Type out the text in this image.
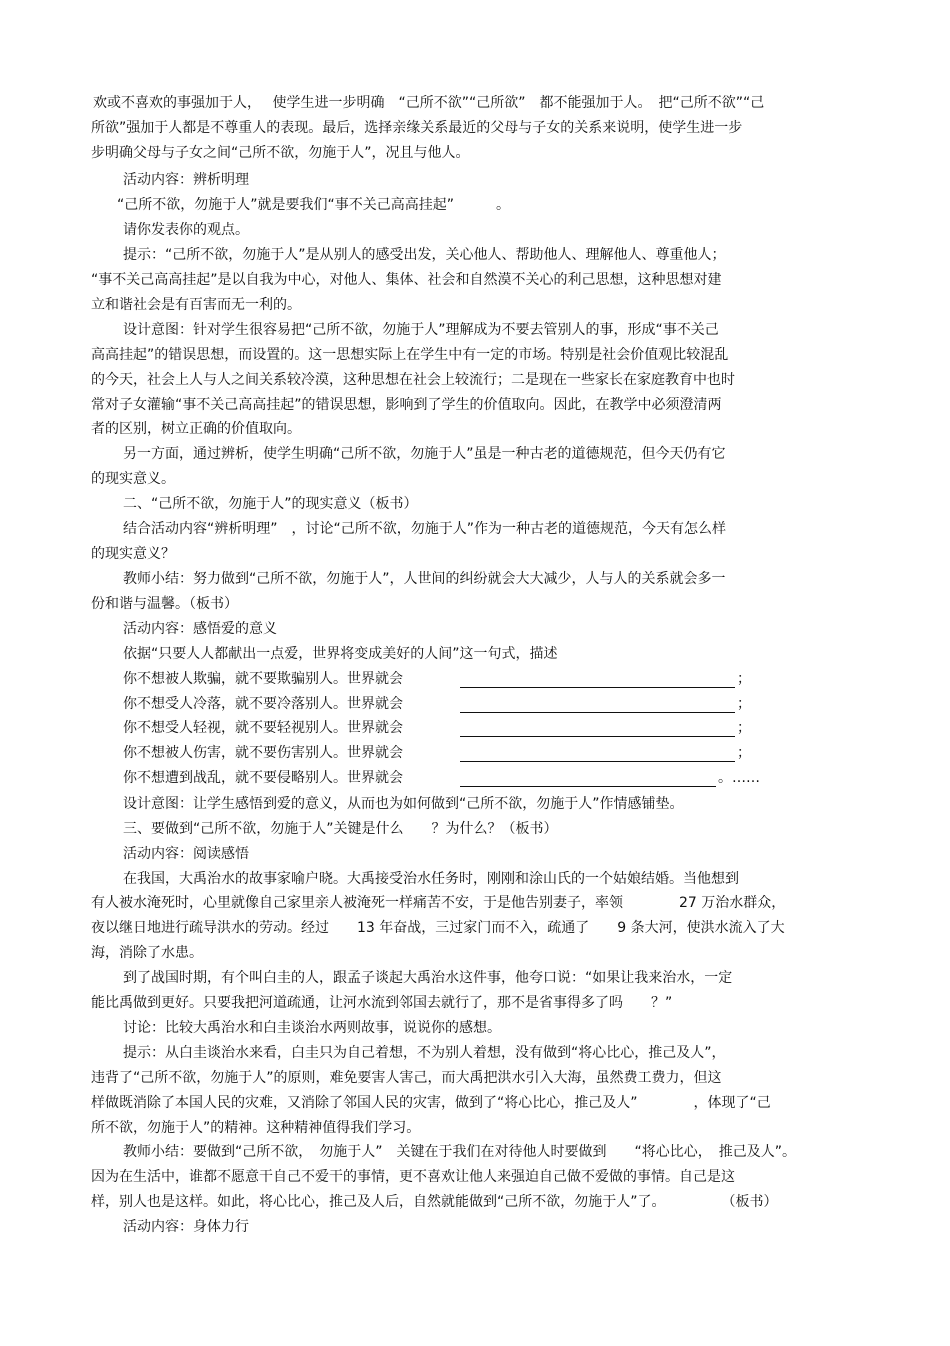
欢或不喜欢的事强加于人，　 使学生进一步明确　“己所不欲”“己所欲”　都不能强加于人。　把“己所不欲”“己
所欲”强加于人都是不尊重人的表现。最后，选择亲缘关系最近的父母与子女的关系来说明，使学生进一步
步明确父母与子女之间“己所不欲，勿施于人”，况且与他人。
活动内容：辨析明理
“己所不欲，勿施于人”就是要我们“事不关己高高挂起”　　　。
请你发表你的观点。
提示：“己所不欲，勿施于人”是从别人的感受出发，关心他人、帮助他人、理解他人、尊重他人；
“事不关己高高挂起”是以自我为中心，对他人、集体、社会和自然漠不关心的利己思想，这种思想对建
立和谐社会是有百害而无一利的。
设计意图：针对学生很容易把“己所不欲，勿施于人”理解成为不要去管别人的事，形成“事不关己
高高挂起”的错误思想，而设置的。这一思想实际上在学生中有一定的市场。特别是社会价值观比较混乱
的今天，社会上人与人之间关系较冷漠，这种思想在社会上较流行；二是现在一些家长在家庭教育中也时
常对子女灌输“事不关己高高挂起”的错误思想，影响到了学生的价值取向。因此，在教学中必须澄清两
者的区别，树立正确的价值取向。
另一方面，通过辨析，使学生明确“己所不欲，勿施于人”虽是一种古老的道德规范，但今天仍有它
的现实意义。
二、“己所不欲，勿施于人”的现实意义（板书）
结合活动内容“辨析明理”　，讨论“己所不欲，勿施于人”作为一种古老的道德规范，今天有怎么样
的现实意义？
教师小结：努力做到“己所不欲，勿施于人”，人世间的纠纷就会大大减少，人与人的关系就会多一
份和谐与温馨。（板书）
活动内容：感悟爱的意义
依据“只要人人都献出一点爱，世界将变成美好的人间”这一句式，描述
你不想被人欺骗，就不要欺骗别人。世界就会	；
你不想受人冷落，就不要冷落别人。世界就会	；
你不想受人轻视，就不要轻视别人。世界就会	；
你不想被人伤害，就不要伤害别人。世界就会	；
你不想遭到战乱，就不要侵略别人。世界就会	。……
设计意图：让学生感悟到爱的意义，从而也为如何做到“己所不欲，勿施于人”作情感铺垫。
三、要做到“己所不欲，勿施于人”关键是什么　　？为什么？（板书）
活动内容：阅读感悟
在我国，大禹治水的故事家喻户晓。大禹接受治水任务时，刚刚和涂山氏的一个姑娘结婚。当他想到
有人被水淹死时，心里就像自己家里亲人被淹死一样痛苦不安，于是他告别妻子，率领　　　　27 万治水群众，
夜以继日地进行疏导洪水的劳动。经过　　13 年奋战，三过家门而不入，疏通了　　9 条大河，使洪水流入了大
海，消除了水患。
到了战国时期，有个叫白圭的人，跟孟子谈起大禹治水这件事，他夸口说：“如果让我来治水，一定
能比禹做到更好。只要我把河道疏通，让河水流到邻国去就行了，那不是省事得多了吗　　？”
讨论：比较大禹治水和白圭谈治水两则故事，说说你的感想。
提示：从白圭谈治水来看，白圭只为自己着想，不为别人着想，没有做到“将心比心，推己及人”，
违背了“己所不欲，勿施于人”的原则，难免要害人害己，而大禹把洪水引入大海，虽然费工费力，但这
样做既消除了本国人民的灾难，又消除了邻国人民的灾害，做到了“将心比心，推己及人”　　　　，体现了“己
所不欲，勿施于人”的精神。这种精神值得我们学习。
教师小结：要做到“己所不欲，　勿施于人”　关键在于我们在对待他人时要做到　　“将心比心，　推己及人”。
因为在生活中，谁都不愿意干自己不爱干的事情，更不喜欢让他人来强迫自己做不爱做的事情。自己是这
样，别人也是这样。如此，将心比心，推己及人后，自然就能做到“己所不欲，勿施于人”了。　　　　　（板书）
活动内容：身体力行
